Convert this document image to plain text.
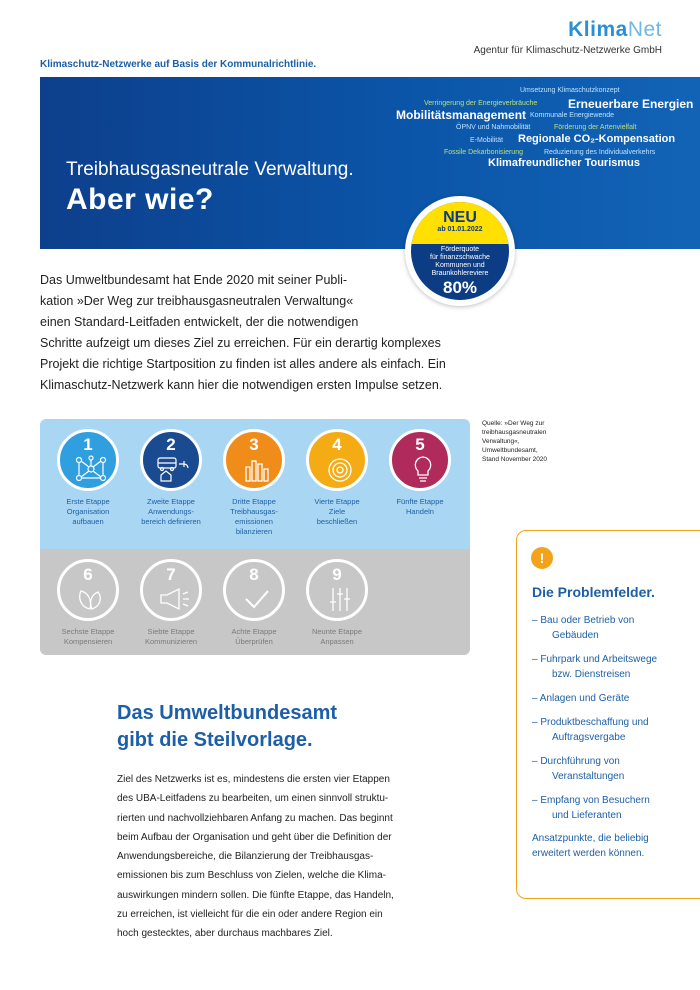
KlimaNet
Agentur für Klimaschutz-Netzwerke GmbH
Klimaschutz-Netzwerke auf Basis der Kommunalrichtlinie.
Umsetzung Klimaschutzkonzept
Verringerung der Energieverbräuche	Erneuerbare Energien
Mobilitätsmanagement Kommunale Energiewende
ÖPNV und Nahmobilität	Förderung der Artenvielfalt
E-Mobilität Regionale CO₂-Kompensation
Fossile Dekarbonisierung	Reduzierung des Individualverkehrs
Klimafreundlicher Tourismus
Treibhausgasneutrale Verwaltung.
Aber wie?
NEU
ab 01.01.2022
Förderquote
für finanzschwache
Kommunen und
Braunkohlereviere
80%

Das Umweltbundesamt hat Ende 2020 mit seiner Publi-

kation »Der Weg zur treibhausgasneutralen Verwaltung«

einen Standard-Leitfaden entwickelt, der die notwendigen

Schritte aufzeigt um dieses Ziel zu erreichen. Für ein derartig komplexes

Projekt die richtige Startposition zu finden ist alles andere als einfach. Ein

Klimaschutz-Netzwerk kann hier die notwendigen ersten Impulse setzen.

1
Erste Etappe
Organisation
aufbauen
2
Zweite Etappe
Anwendungs-
bereich definieren
3
Dritte Etappe
Treibhausgas-
emissionen
bilanzieren
4
Vierte Etappe
Ziele
beschließen
5
Fünfte Etappe
Handeln
6
Sechste Etappe
Kompensieren
7
Siebte Etappe
Kommunizieren
8
Achte Etappe
Überprüfen
9
Neunte Etappe
Anpassen
Quelle: »Der Weg zur
treibhausgasneutralen
Verwaltung«,
Umweltbundesamt,
Stand November 2020
!
Die Problemfelder.
– Bau oder Betrieb von
Gebäuden
– Fuhrpark und Arbeitswege
bzw. Dienstreisen
– Anlagen und Geräte
– Produktbeschaffung und
Auftragsvergabe
– Durchführung von
Veranstaltungen
– Empfang von Besuchern
und Lieferanten
Ansatzpunkte, die beliebig
erweitert werden können.
Das Umweltbundesamt
gibt die Steilvorlage.
Ziel des Netzwerks ist es, mindestens die ersten vier Etappen
des UBA-Leitfadens zu bearbeiten, um einen sinnvoll struktu-
rierten und nachvollziehbaren Anfang zu machen. Das beginnt
beim Aufbau der Organisation und geht über die Definition der
Anwendungsbereiche, die Bilanzierung der Treibhausgas-
emissionen bis zum Beschluss von Zielen, welche die Klima-
auswirkungen mindern sollen. Die fünfte Etappe, das Handeln,
zu erreichen, ist vielleicht für die ein oder andere Region ein
hoch gestecktes, aber durchaus machbares Ziel.
